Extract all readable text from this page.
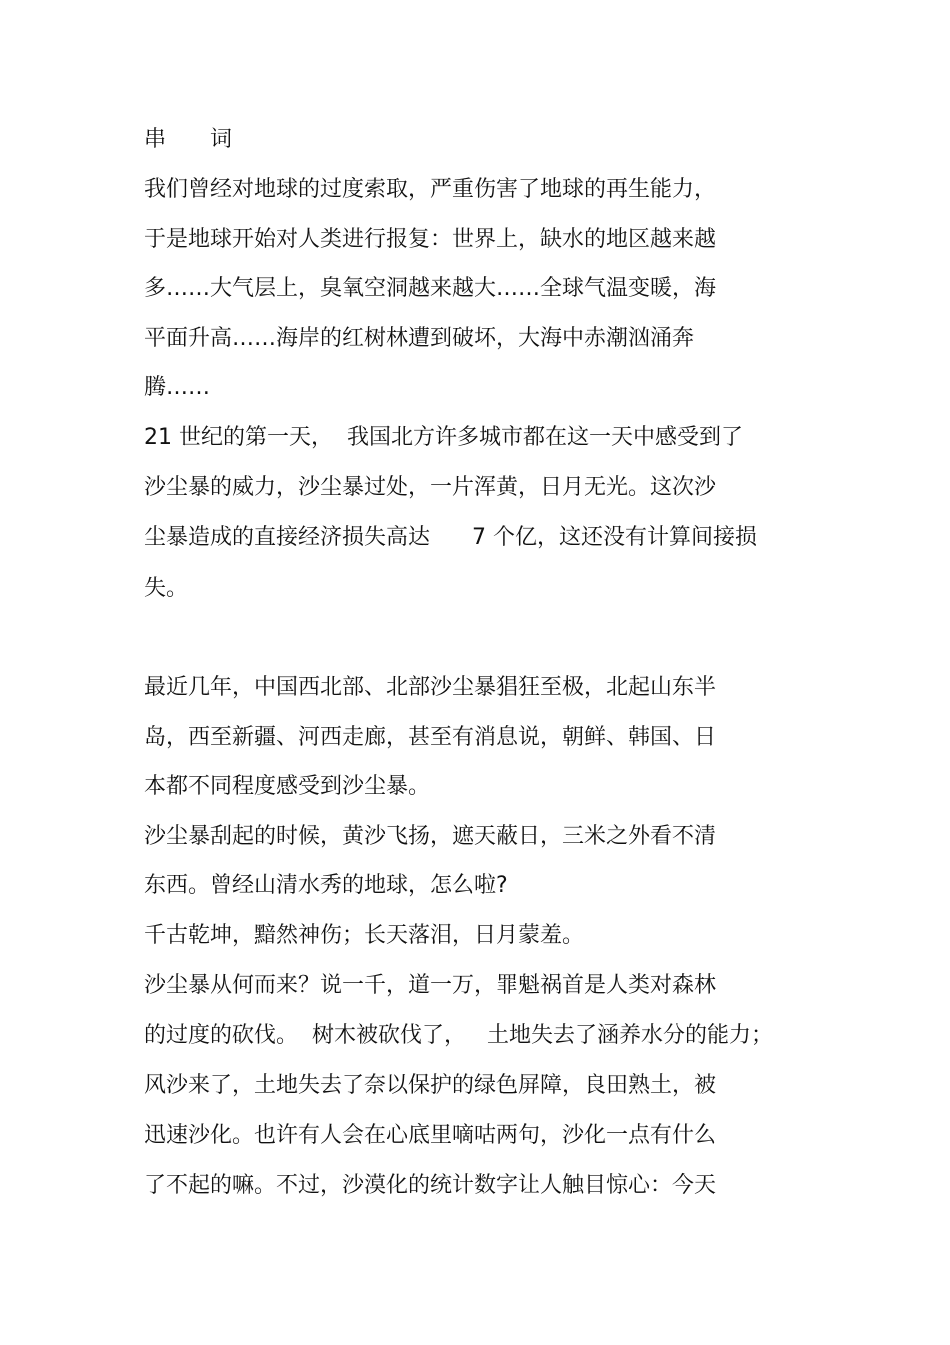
串　　词
我们曾经对地球的过度索取，严重伤害了地球的再生能力，
于是地球开始对人类进行报复：世界上，缺水的地区越来越
多……大气层上，臭氧空洞越来越大……全球气温变暖，海
平面升高……海岸的红树林遭到破坏，大海中赤潮汹涌奔
腾……
21 世纪的第一天，  我国北方许多城市都在这一天中感受到了
沙尘暴的威力，沙尘暴过处，一片浑黄，日月无光。这次沙
尘暴造成的直接经济损失高达      7 个亿，这还没有计算间接损
失。
最近几年，中国西北部、北部沙尘暴猖狂至极，北起山东半
岛，西至新疆、河西走廊，甚至有消息说，朝鲜、韩国、日
本都不同程度感受到沙尘暴。
沙尘暴刮起的时候，黄沙飞扬，遮天蔽日，三米之外看不清
东西。曾经山清水秀的地球，怎么啦?
千古乾坤，黯然神伤；长天落泪，日月蒙羞。
沙尘暴从何而来？说一千，道一万，罪魁祸首是人类对森林
的过度的砍伐。  树木被砍伐了，   土地失去了涵养水分的能力；
风沙来了，土地失去了奈以保护的绿色屏障，良田熟土，被
迅速沙化。也许有人会在心底里嘀咕两句，沙化一点有什么
了不起的嘛。不过，沙漠化的统计数字让人触目惊心：今天
